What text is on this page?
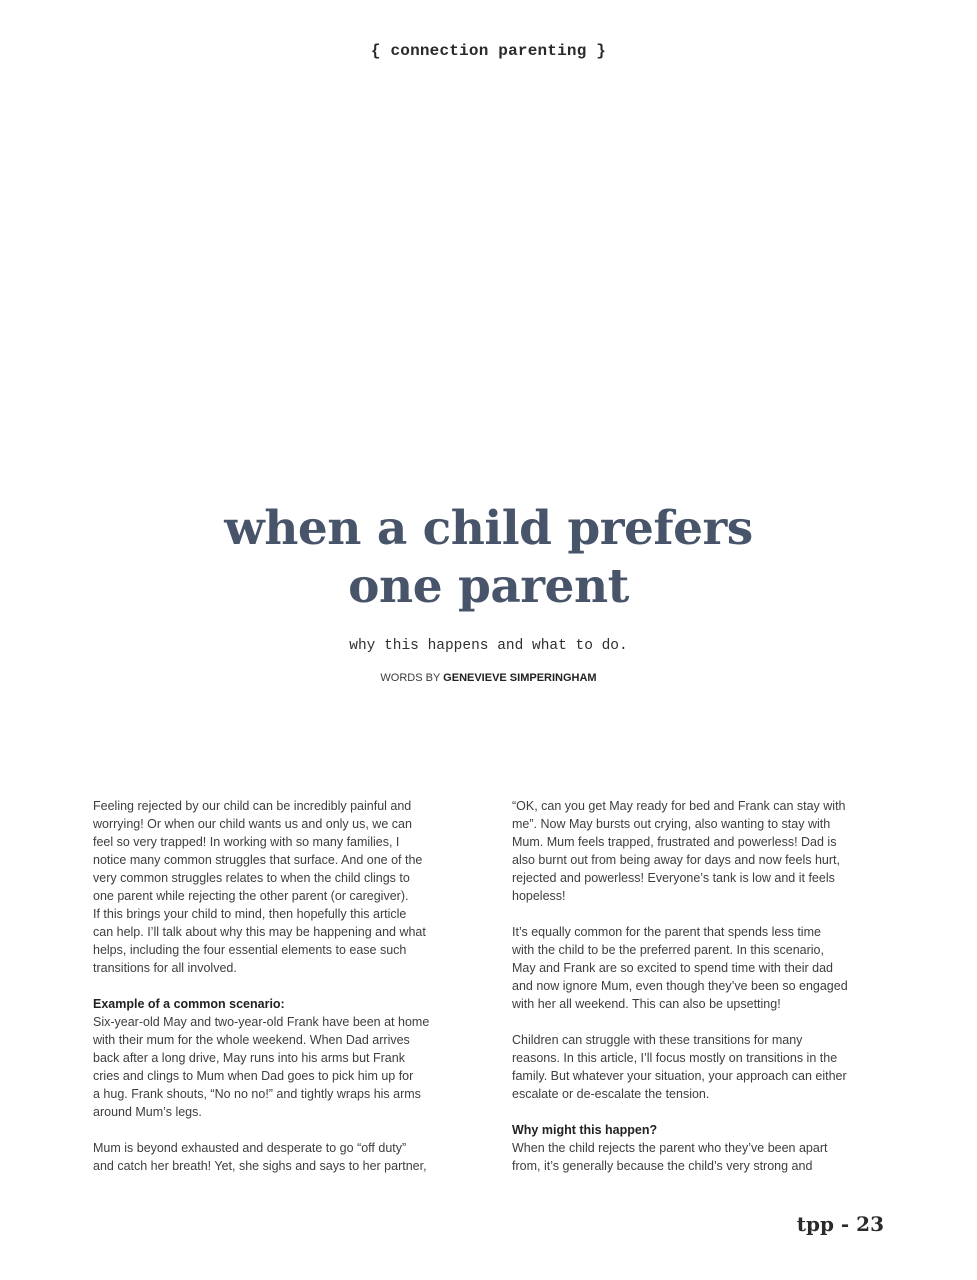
{ connection parenting }
when a child prefers
one parent
why this happens and what to do.
WORDS BY GENEVIEVE SIMPERINGHAM

Feeling rejected by our child can be incredibly painful and
worrying! Or when our child wants us and only us, we can
feel so very trapped! In working with so many families, I
notice many common struggles that surface. And one of the
very common struggles relates to when the child clings to
one parent while rejecting the other parent (or caregiver).
If this brings your child to mind, then hopefully this article
can help. I’ll talk about why this may be happening and what
helps, including the four essential elements to ease such
transitions for all involved.

Example of a common scenario:

Six-year-old May and two-year-old Frank have been at home
with their mum for the whole weekend. When Dad arrives
back after a long drive, May runs into his arms but Frank
cries and clings to Mum when Dad goes to pick him up for
a hug. Frank shouts, “No no no!” and tightly wraps his arms
around Mum’s legs.

Mum is beyond exhausted and desperate to go “off duty”
and catch her breath! Yet, she sighs and says to her partner,

“OK, can you get May ready for bed and Frank can stay with
me”. Now May bursts out crying, also wanting to stay with
Mum. Mum feels trapped, frustrated and powerless! Dad is
also burnt out from being away for days and now feels hurt,
rejected and powerless! Everyone’s tank is low and it feels
hopeless!

It’s equally common for the parent that spends less time
with the child to be the preferred parent. In this scenario,
May and Frank are so excited to spend time with their dad
and now ignore Mum, even though they’ve been so engaged
with her all weekend. This can also be upsetting!

Children can struggle with these transitions for many
reasons. In this article, I’ll focus mostly on transitions in the
family. But whatever your situation, your approach can either
escalate or de-escalate the tension.

Why might this happen?

When the child rejects the parent who they’ve been apart
from, it’s generally because the child’s very strong and

tpp - 23
